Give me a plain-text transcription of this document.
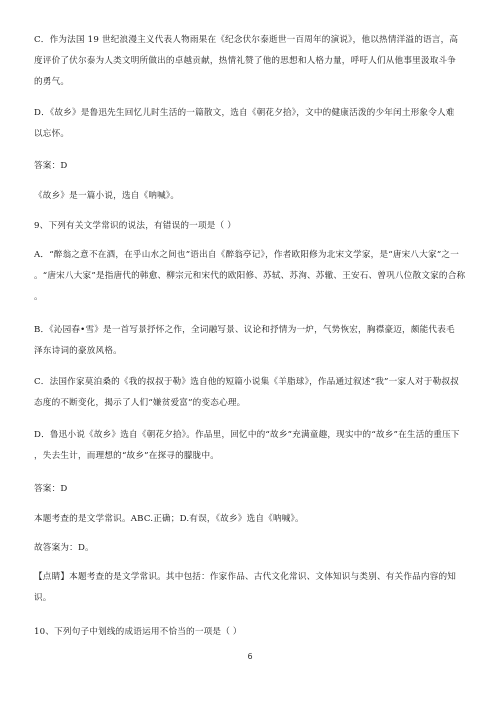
C．作为法国 19 世纪浪漫主义代表人物雨果在《纪念伏尔泰逝世一百周年的演说》，他以热情洋溢的语言，高
度评价了伏尔泰为人类文明所做出的卓越贡献，热情礼赞了他的思想和人格力量，呼吁人们从他事里汲取斗争
的勇气。

D．《故乡》是鲁迅先生回忆儿时生活的一篇散文，选自《朝花夕拾》，文中的健康活泼的少年闰土形象令人难
以忘怀。

答案：D

《故乡》是一篇小说，选自《呐喊》。

9、下列有关文学常识的说法，有错误的一项是（ ）

A．“醉翁之意不在酒，在乎山水之间也”语出自《醉翁亭记》，作者欧阳修为北宋文学家，是“唐宋八大家”之一
。“唐宋八大家”是指唐代的韩愈、柳宗元和宋代的欧阳修、苏轼、苏洵、苏辙、王安石、曾巩八位散文家的合称
。

B．《沁园春•雪》是一首写景抒怀之作，全词融写景、议论和抒情为一炉，气势恢宏，胸襟豪迈，颇能代表毛
泽东诗词的豪放风格。

C．法国作家莫泊桑的《我的叔叔于勒》选自他的短篇小说集《羊脂球》，作品通过叙述“我”一家人对于勒叔叔
态度的不断变化，揭示了人们“嫌贫爱富”的变态心理。

D．鲁迅小说《故乡》选自《朝花夕拾》。作品里，回忆中的“故乡”充满童趣，现实中的“故乡”在生活的重压下
，失去生计，而理想的“故乡”在探寻的朦胧中。

答案：D

本题考查的是文学常识。ABC.正确；D.有误，《故乡》选自《呐喊》。

故答案为：D。

【点睛】本题考查的是文学常识。其中包括：作家作品、古代文化常识、文体知识与类别、有关作品内容的知
识。

10、下列句子中划线的成语运用不恰当的一项是（ ）

6
